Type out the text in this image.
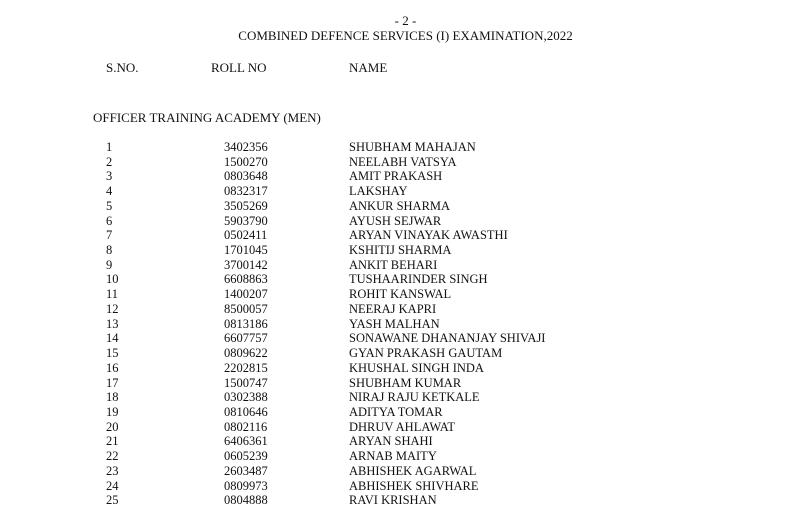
- 2 -
COMBINED DEFENCE SERVICES (I) EXAMINATION,2022
S.NO.	ROLL NO	NAME
OFFICER TRAINING ACADEMY (MEN)
1	3402356	SHUBHAM MAHAJAN
2	1500270	NEELABH VATSYA
3	0803648	AMIT PRAKASH
4	0832317	LAKSHAY
5	3505269	ANKUR SHARMA
6	5903790	AYUSH SEJWAR
7	0502411	ARYAN VINAYAK AWASTHI
8	1701045	KSHITIJ SHARMA
9	3700142	ANKIT BEHARI
10	6608863	TUSHAARINDER SINGH
11	1400207	ROHIT KANSWAL
12	8500057	NEERAJ KAPRI
13	0813186	YASH MALHAN
14	6607757	SONAWANE DHANANJAY SHIVAJI
15	0809622	GYAN PRAKASH GAUTAM
16	2202815	KHUSHAL SINGH INDA
17	1500747	SHUBHAM KUMAR
18	0302388	NIRAJ RAJU KETKALE
19	0810646	ADITYA TOMAR
20	0802116	DHRUV AHLAWAT
21	6406361	ARYAN SHAHI
22	0605239	ARNAB MAITY
23	2603487	ABHISHEK AGARWAL
24	0809973	ABHISHEK SHIVHARE
25	0804888	RAVI KRISHAN
